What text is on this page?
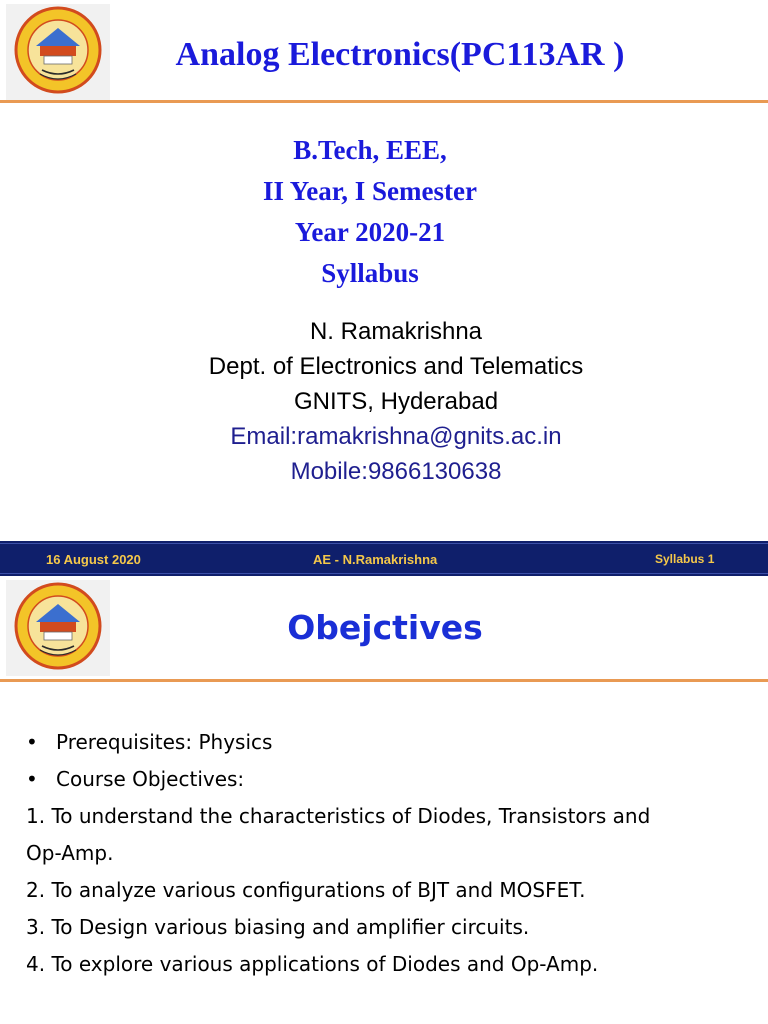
Analog Electronics(PC113AR )
B.Tech, EEE,
II Year, I Semester
Year 2020-21
Syllabus
N. Ramakrishna
Dept. of Electronics and Telematics
GNITS, Hyderabad
Email:ramakrishna@gnits.ac.in
Mobile:9866130638
16 August 2020	AE - N.Ramakrishna	Syllabus 1
Obejctives
• Prerequisites: Physics
• Course Objectives:
1. To understand the characteristics of Diodes, Transistors and
Op-Amp.
2. To analyze various configurations of BJT and MOSFET.
3. To Design various biasing and amplifier circuits.
4. To explore various applications of Diodes and Op-Amp.
